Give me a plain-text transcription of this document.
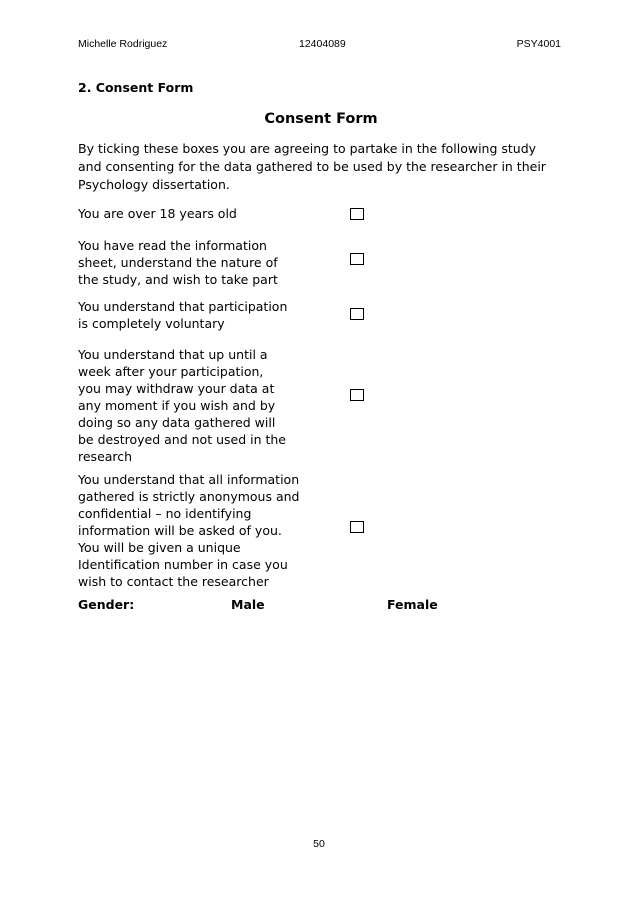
Michelle Rodriguez	12404089	PSY4001
2. Consent Form
Consent Form
By ticking these boxes you are agreeing to partake in the following study
and consenting for the data gathered to be used by the researcher in their
Psychology dissertation.
You are over 18 years old
You have read the information
sheet, understand the nature of
the study, and wish to take part
You understand that participation
is completely voluntary
You understand that up until a
week after your participation,
you may withdraw your data at
any moment if you wish and by
doing so any data gathered will
be destroyed and not used in the
research
You understand that all information
gathered is strictly anonymous and
confidential – no identifying
information will be asked of you.
You will be given a unique
Identification number in case you
wish to contact the researcher
Gender:	Male	Female
50
